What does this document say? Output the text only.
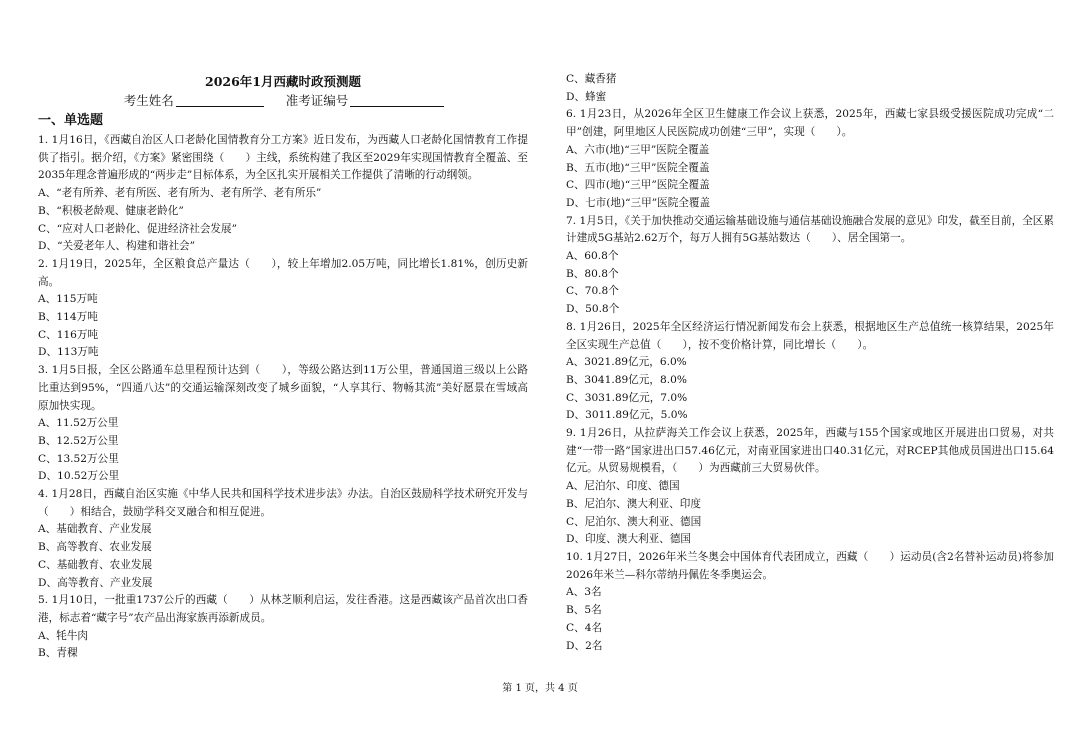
2026年1月西藏时政预测题
考生姓名	准考证编号
一、单选题

1. 1月16日，《西藏自治区人口老龄化国情教育分工方案》近日发布，为西藏人口老龄化国情教育工作提供了指引。据介绍，《方案》紧密围绕（　　）主线，系统构建了我区至2029年实现国情教育全覆盖、至2035年理念普遍形成的“两步走”目标体系，为全区扎实开展相关工作提供了清晰的行动纲领。

A、“老有所养、老有所医、老有所为、老有所学、老有所乐”

B、“积极老龄观、健康老龄化”

C、“应对人口老龄化、促进经济社会发展”

D、“关爱老年人、构建和谐社会”

2. 1月19日，2025年，全区粮食总产量达（　　），较上年增加2.05万吨，同比增长1.81%，创历史新高。

A、115万吨

B、114万吨

C、116万吨

D、113万吨

3. 1月5日报，全区公路通车总里程预计达到（　　），等级公路达到11万公里，普通国道三级以上公路比重达到95%，“四通八达”的交通运输深刻改变了城乡面貌，“人享其行、物畅其流”美好愿景在雪域高原加快实现。

A、11.52万公里

B、12.52万公里

C、13.52万公里

D、10.52万公里

4. 1月28日，西藏自治区实施《中华人民共和国科学技术进步法》办法。自治区鼓励科学技术研究开发与（　　）相结合，鼓励学科交叉融合和相互促进。

A、基础教育、产业发展

B、高等教育、农业发展

C、基础教育、农业发展

D、高等教育、产业发展

5. 1月10日，一批重1737公斤的西藏（　　）从林芝顺利启运，发往香港。这是西藏该产品首次出口香港，标志着“藏字号”农产品出海家族再添新成员。

A、牦牛肉

B、青稞

C、藏香猪

D、蜂蜜

6. 1月23日，从2026年全区卫生健康工作会议上获悉，2025年，西藏七家县级受援医院成功完成“二甲”创建，阿里地区人民医院成功创建“三甲”，实现（　　）。

A、六市(地)“三甲”医院全覆盖

B、五市(地)“三甲”医院全覆盖

C、四市(地)“三甲”医院全覆盖

D、七市(地)“三甲”医院全覆盖

7. 1月5日，《关于加快推动交通运输基础设施与通信基础设施融合发展的意见》印发，截至目前，全区累计建成5G基站2.62万个，每万人拥有5G基站数达（　　）、居全国第一。

A、60.8个

B、80.8个

C、70.8个

D、50.8个

8. 1月26日，2025年全区经济运行情况新闻发布会上获悉，根据地区生产总值统一核算结果，2025年全区实现生产总值（　　），按不变价格计算，同比增长（　　）。

A、3021.89亿元，6.0%

B、3041.89亿元，8.0%

C、3031.89亿元，7.0%

D、3011.89亿元，5.0%

9. 1月26日，从拉萨海关工作会议上获悉，2025年，西藏与155个国家或地区开展进出口贸易，对共建“一带一路”国家进出口57.46亿元，对南亚国家进出口40.31亿元，对RCEP其他成员国进出口15.64亿元。从贸易规模看，（　　）为西藏前三大贸易伙伴。

A、尼泊尔、印度、德国

B、尼泊尔、澳大利亚、印度

C、尼泊尔、澳大利亚、德国

D、印度、澳大利亚、德国

10. 1月27日，2026年米兰冬奥会中国体育代表团成立，西藏（　　）运动员(含2名替补运动员)将参加2026年米兰—科尔蒂纳丹佩佐冬季奥运会。

A、3名

B、5名

C、4名

D、2名

第 1 页，共 4 页
